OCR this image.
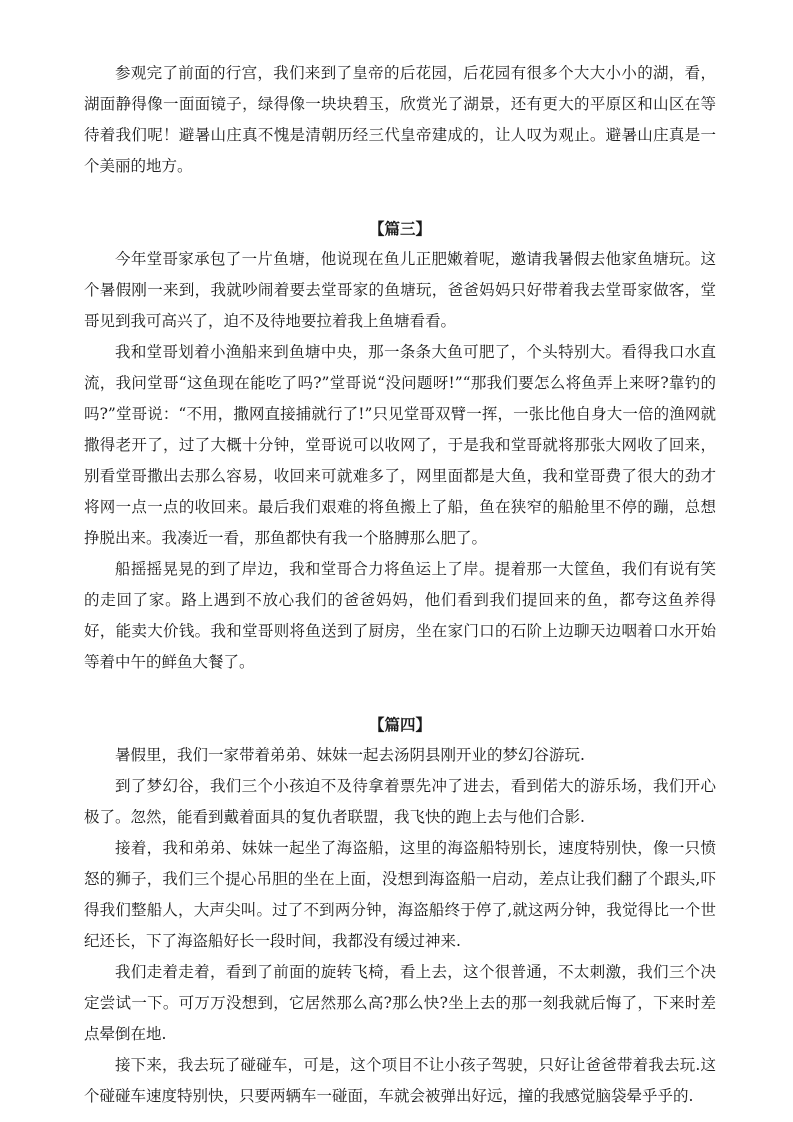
参观完了前面的行宫，我们来到了皇帝的后花园，后花园有很多个大大小小的湖，看，湖面静得像一面面镜子，绿得像一块块碧玉，欣赏光了湖景，还有更大的平原区和山区在等待着我们呢！避暑山庄真不愧是清朝历经三代皇帝建成的，让人叹为观止。避暑山庄真是一个美丽的地方。

【篇三】

今年堂哥家承包了一片鱼塘，他说现在鱼儿正肥嫩着呢，邀请我暑假去他家鱼塘玩。这个暑假刚一来到，我就吵闹着要去堂哥家的鱼塘玩，爸爸妈妈只好带着我去堂哥家做客，堂哥见到我可高兴了，迫不及待地要拉着我上鱼塘看看。

我和堂哥划着小渔船来到鱼塘中央，那一条条大鱼可肥了，个头特别大。看得我口水直流，我问堂哥“这鱼现在能吃了吗?”堂哥说“没问题呀!”“那我们要怎么将鱼弄上来呀?靠钓的吗?”堂哥说：“不用，撒网直接捕就行了!”只见堂哥双臂一挥，一张比他自身大一倍的渔网就撒得老开了，过了大概十分钟，堂哥说可以收网了，于是我和堂哥就将那张大网收了回来，别看堂哥撒出去那么容易，收回来可就难多了，网里面都是大鱼，我和堂哥费了很大的劲才将网一点一点的收回来。最后我们艰难的将鱼搬上了船，鱼在狭窄的船舱里不停的蹦，总想挣脱出来。我凑近一看，那鱼都快有我一个胳膊那么肥了。

船摇摇晃晃的到了岸边，我和堂哥合力将鱼运上了岸。提着那一大筐鱼，我们有说有笑的走回了家。路上遇到不放心我们的爸爸妈妈，他们看到我们提回来的鱼，都夸这鱼养得好，能卖大价钱。我和堂哥则将鱼送到了厨房，坐在家门口的石阶上边聊天边咽着口水开始等着中午的鲜鱼大餐了。

【篇四】

暑假里，我们一家带着弟弟、妹妹一起去汤阴县刚开业的梦幻谷游玩.

到了梦幻谷，我们三个小孩迫不及待拿着票先冲了进去，看到偌大的游乐场，我们开心极了。忽然，能看到戴着面具的复仇者联盟，我飞快的跑上去与他们合影.

接着，我和弟弟、妹妹一起坐了海盗船，这里的海盗船特别长，速度特别快，像一只愤怒的狮子，我们三个提心吊胆的坐在上面，没想到海盗船一启动，差点让我们翻了个跟头,吓得我们整船人，大声尖叫。过了不到两分钟，海盗船终于停了,就这两分钟，我觉得比一个世纪还长，下了海盗船好长一段时间，我都没有缓过神来.

我们走着走着，看到了前面的旋转飞椅，看上去，这个很普通，不太刺激，我们三个决定尝试一下。可万万没想到，它居然那么高?那么快?坐上去的那一刻我就后悔了，下来时差点晕倒在地.

接下来，我去玩了碰碰车，可是，这个项目不让小孩子驾驶，只好让爸爸带着我去玩.这个碰碰车速度特别快，只要两辆车一碰面，车就会被弹出好远，撞的我感觉脑袋晕乎乎的.
